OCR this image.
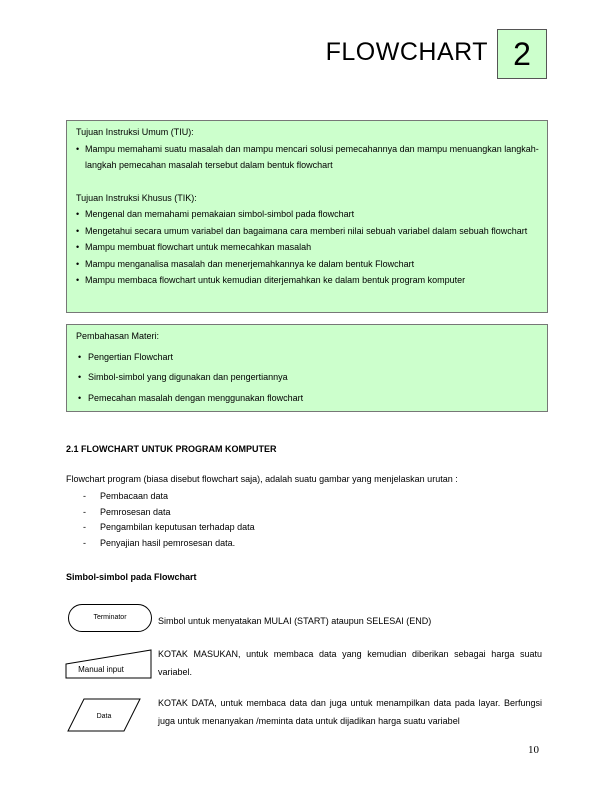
FLOWCHART 2

Tujuan Instruksi Umum (TIU):

• Mampu memahami suatu masalah dan mampu mencari solusi pemecahannya dan mampu menuangkan langkah-langkah pemecahan masalah tersebut dalam bentuk flowchart

Tujuan Instruksi Khusus (TIK):

• Mengenal dan memahami pemakaian simbol-simbol pada flowchart
• Mengetahui secara umum variabel dan bagaimana cara memberi nilai sebuah variabel dalam sebuah flowchart
• Mampu membuat flowchart untuk memecahkan masalah
• Mampu menganalisa masalah dan menerjemahkannya ke dalam bentuk Flowchart
• Mampu membaca flowchart untuk kemudian diterjemahkan ke dalam bentuk program komputer

Pembahasan Materi:

• Pengertian Flowchart
• Simbol-simbol yang digunakan dan pengertiannya
• Pemecahan masalah dengan menggunakan flowchart
2.1 FLOWCHART UNTUK PROGRAM KOMPUTER
Flowchart program (biasa disebut flowchart saja), adalah suatu gambar yang menjelaskan urutan :
- Pembacaan data
- Pemrosesan data
- Pengambilan keputusan terhadap data
- Penyajian hasil pemrosesan data.
Simbol-simbol pada Flowchart
Terminator	Simbol untuk menyatakan MULAI (START) ataupun SELESAI (END)
Manual input
KOTAK MASUKAN, untuk membaca data yang kemudian diberikan sebagai harga suatu variabel.
Data
KOTAK DATA, untuk membaca data dan juga untuk menampilkan data pada layar. Berfungsi juga untuk menanyakan /meminta data untuk dijadikan harga suatu variabel
10
